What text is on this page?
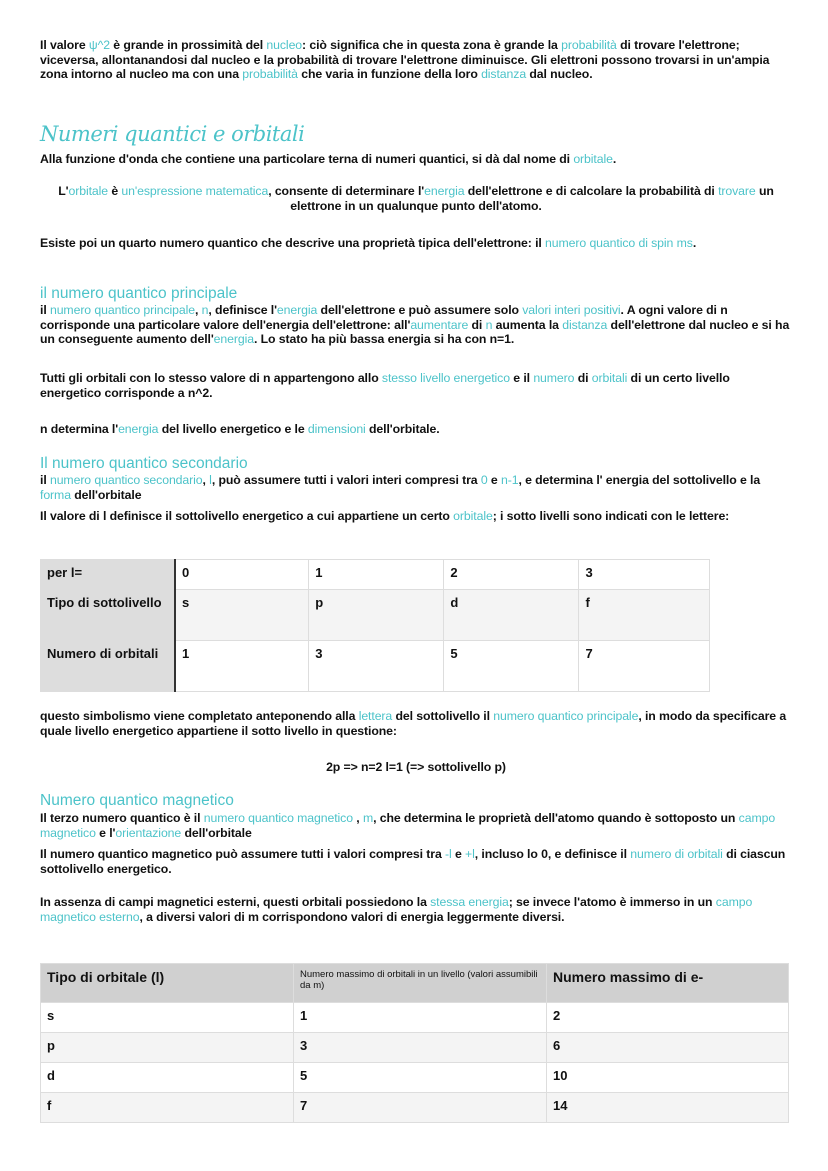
Il valore ψ^2 è grande in prossimità del nucleo: ciò significa che in questa zona è grande la probabilità di trovare l'elettrone; viceversa, allontanandosi dal nucleo e la probabilità di trovare l'elettrone diminuisce. Gli elettroni possono trovarsi in un'ampia zona intorno al nucleo ma con una probabilità che varia in funzione della loro distanza dal nucleo.
Numeri quantici e orbitali
Alla funzione d'onda che contiene una particolare terna di numeri quantici, si dà dal nome di orbitale.
L'orbitale è un'espressione matematica, consente di determinare l'energia dell'elettrone e di calcolare la probabilità di trovare un elettrone in un qualunque punto dell'atomo.
Esiste poi un quarto numero quantico che descrive una proprietà tipica dell'elettrone: il numero quantico di spin ms.
il numero quantico principale
il numero quantico principale, n, definisce l'energia dell'elettrone e può assumere solo valori interi positivi. A ogni valore di n corrisponde una particolare valore dell'energia dell'elettrone: all'aumentare di n aumenta la distanza dell'elettrone dal nucleo e si ha un conseguente aumento dell'energia. Lo stato ha più bassa energia si ha con n=1.
Tutti gli orbitali con lo stesso valore di n appartengono allo stesso livello energetico e il numero di orbitali di un certo livello energetico corrisponde a n^2.
n determina l'energia del livello energetico e le dimensioni dell'orbitale.
Il numero quantico secondario
il numero quantico secondario, l, può assumere tutti i valori interi compresi tra 0 e n-1, e determina l' energia del sottolivello e la forma dell'orbitale
Il valore di l definisce il sottolivello energetico a cui appartiene un certo orbitale; i sotto livelli sono indicati con le lettere:
per l=	0	1	2	3
Tipo di sottolivello	s	p	d	f
Numero di orbitali	1	3	5	7
questo simbolismo viene completato anteponendo alla lettera del sottolivello il numero quantico principale, in modo da specificare a quale livello energetico appartiene il sotto livello in questione:
2p => n=2 l=1 (=> sottolivello p)
Numero quantico magnetico
Il terzo numero quantico è il numero quantico magnetico , m, che determina le proprietà dell'atomo quando è sottoposto un campo magnetico e l'orientazione dell'orbitale
Il numero quantico magnetico può assumere tutti i valori compresi tra -l e +l, incluso lo 0, e definisce il numero di orbitali di ciascun sottolivello energetico.
In assenza di campi magnetici esterni, questi orbitali possiedono la stessa energia; se invece l'atomo è immerso in un campo magnetico esterno, a diversi valori di m corrispondono valori di energia leggermente diversi.
Tipo di orbitale (l)	Numero massimo di orbitali in un livello (valori assumibili da m)	Numero massimo di e-
s	1	2
p	3	6
d	5	10
f	7	14
